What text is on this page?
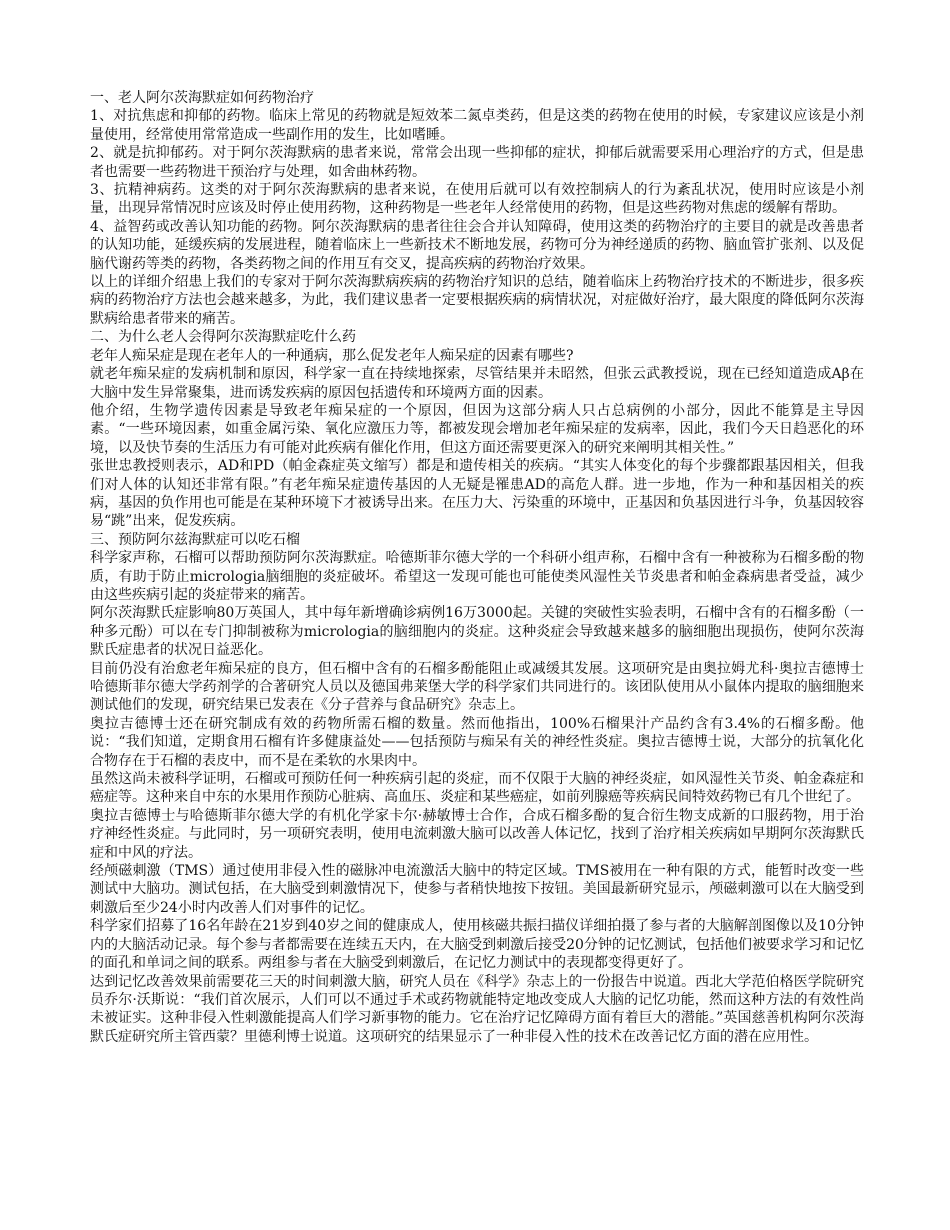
一、老人阿尔茨海默症如何药物治疗

1、对抗焦虑和抑郁的药物。临床上常见的药物就是短效苯二氮卓类药，但是这类的药物在使用的时候，专家建议应该是小剂量使用，经常使用常常造成一些副作用的发生，比如嗜睡。

2、就是抗抑郁药。对于阿尔茨海默病的患者来说，常常会出现一些抑郁的症状，抑郁后就需要采用心理治疗的方式，但是患者也需要一些药物进干预治疗与处理，如舍曲林药物。

3、抗精神病药。这类的对于阿尔茨海默病的患者来说，在使用后就可以有效控制病人的行为紊乱状况，使用时应该是小剂量，出现异常情况时应该及时停止使用药物，这种药物是一些老年人经常使用的药物，但是这些药物对焦虑的缓解有帮助。

4、益智药或改善认知功能的药物。阿尔茨海默病的患者往往会合并认知障碍，使用这类的药物治疗的主要目的就是改善患者的认知功能，延缓疾病的发展进程，随着临床上一些新技术不断地发展，药物可分为神经递质的药物、脑血管扩张剂、以及促脑代谢药等类的药物，各类药物之间的作用互有交叉，提高疾病的药物治疗效果。

以上的详细介绍患上我们的专家对于阿尔茨海默病疾病的药物治疗知识的总结，随着临床上药物治疗技术的不断进步，很多疾病的药物治疗方法也会越来越多，为此，我们建议患者一定要根据疾病的病情状况，对症做好治疗，最大限度的降低阿尔茨海默病给患者带来的痛苦。

二、为什么老人会得阿尔茨海默症吃什么药

老年人痴呆症是现在老年人的一种通病，那么促发老年人痴呆症的因素有哪些?

就老年痴呆症的发病机制和原因，科学家一直在持续地探索，尽管结果并未昭然，但张云武教授说，现在已经知道造成Aβ在大脑中发生异常聚集，进而诱发疾病的原因包括遗传和环境两方面的因素。

他介绍，生物学遗传因素是导致老年痴呆症的一个原因，但因为这部分病人只占总病例的小部分，因此不能算是主导因素。“一些环境因素，如重金属污染、氧化应激压力等，都被发现会增加老年痴呆症的发病率，因此，我们今天日趋恶化的环境，以及快节奏的生活压力有可能对此疾病有催化作用，但这方面还需要更深入的研究来阐明其相关性。”

张世忠教授则表示，AD和PD（帕金森症英文缩写）都是和遗传相关的疾病。“其实人体变化的每个步骤都跟基因相关，但我们对人体的认知还非常有限。”有老年痴呆症遗传基因的人无疑是罹患AD的高危人群。进一步地，作为一种和基因相关的疾病，基因的负作用也可能是在某种环境下才被诱导出来。在压力大、污染重的环境中，正基因和负基因进行斗争，负基因较容易“跳”出来，促发疾病。

三、预防阿尔兹海默症可以吃石榴

科学家声称，石榴可以帮助预防阿尔茨海默症。哈德斯菲尔德大学的一个科研小组声称，石榴中含有一种被称为石榴多酚的物质，有助于防止micrologia脑细胞的炎症破坏。希望这一发现可能也可能使类风湿性关节炎患者和帕金森病患者受益，减少由这些疾病引起的炎症带来的痛苦。

阿尔茨海默氏症影响80万英国人，其中每年新增确诊病例16万3000起。关键的突破性实验表明，石榴中含有的石榴多酚（一种多元酚）可以在专门抑制被称为micrologia的脑细胞内的炎症。这种炎症会导致越来越多的脑细胞出现损伤，使阿尔茨海默氏症患者的状况日益恶化。

目前仍没有治愈老年痴呆症的良方，但石榴中含有的石榴多酚能阻止或减缓其发展。这项研究是由奥拉姆尤科·奥拉吉德博士哈德斯菲尔德大学药剂学的合著研究人员以及德国弗莱堡大学的科学家们共同进行的。该团队使用从小鼠体内提取的脑细胞来测试他们的发现，研究结果已发表在《分子营养与食品研究》杂志上。

奥拉吉德博士还在研究制成有效的药物所需石榴的数量。然而他指出，100%石榴果汁产品约含有3.4%的石榴多酚。他说：“我们知道，定期食用石榴有许多健康益处——包括预防与痴呆有关的神经性炎症。奥拉吉德博士说，大部分的抗氧化化合物存在于石榴的表皮中，而不是在柔软的水果肉中。

虽然这尚未被科学证明，石榴或可预防任何一种疾病引起的炎症，而不仅限于大脑的神经炎症，如风湿性关节炎、帕金森症和癌症等。这种来自中东的水果用作预防心脏病、高血压、炎症和某些癌症，如前列腺癌等疾病民间特效药物已有几个世纪了。

奥拉吉德博士与哈德斯菲尔德大学的有机化学家卡尔·赫敏博士合作，合成石榴多酚的复合衍生物支成新的口服药物，用于治疗神经性炎症。与此同时，另一项研究表明，使用电流刺激大脑可以改善人体记忆，找到了治疗相关疾病如早期阿尔茨海默氏症和中风的疗法。

经颅磁刺激（TMS）通过使用非侵入性的磁脉冲电流激活大脑中的特定区域。TMS被用在一种有限的方式，能暂时改变一些测试中大脑功。测试包括，在大脑受到刺激情况下，使参与者稍快地按下按钮。美国最新研究显示，颅磁刺激可以在大脑受到刺激后至少24小时内改善人们对事件的记忆。

科学家们招募了16名年龄在21岁到40岁之间的健康成人，使用核磁共振扫描仪详细拍摄了参与者的大脑解剖图像以及10分钟内的大脑活动记录。每个参与者都需要在连续五天内，在大脑受到刺激后接受20分钟的记忆测试，包括他们被要求学习和记忆的面孔和单词之间的联系。两组参与者在大脑受到刺激后，在记忆力测试中的表现都变得更好了。

达到记忆改善效果前需要花三天的时间刺激大脑，研究人员在《科学》杂志上的一份报告中说道。西北大学范伯格医学院研究员乔尔·沃斯说：“我们首次展示，人们可以不通过手术或药物就能特定地改变成人大脑的记忆功能，然而这种方法的有效性尚未被证实。这种非侵入性刺激能提高人们学习新事物的能力。它在治疗记忆障碍方面有着巨大的潜能。”英国慈善机构阿尔茨海默氏症研究所主管西蒙？里德利博士说道。这项研究的结果显示了一种非侵入性的技术在改善记忆方面的潜在应用性。
